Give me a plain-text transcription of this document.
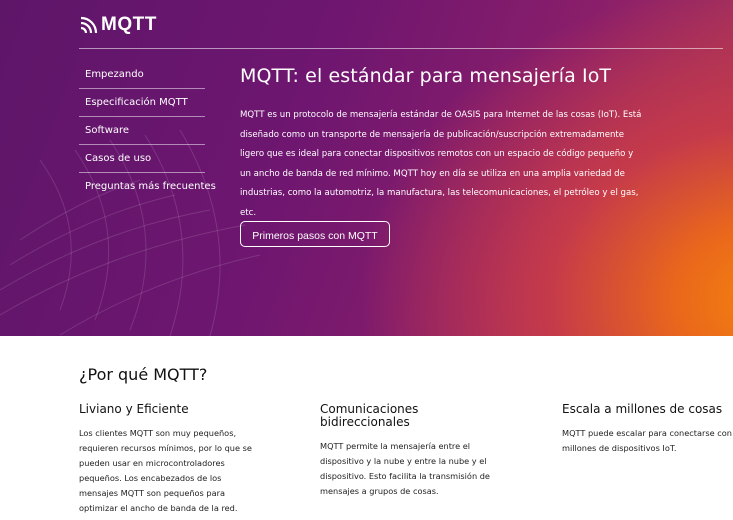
MQTT
Empezando
Especificación MQTT
Software
Casos de uso
Preguntas más frecuentes
MQTT: el estándar para mensajería IoT

MQTT es un protocolo de mensajería estándar de OASIS para Internet de las cosas (IoT). Está diseñado como un transporte de mensajería de publicación/suscripción extremadamente ligero que es ideal para conectar dispositivos remotos con un espacio de código pequeño y un ancho de banda de red mínimo. MQTT hoy en día se utiliza en una amplia variedad de industrias, como la automotriz, la manufactura, las telecomunicaciones, el petróleo y el gas, etc.

Primeros pasos con MQTT
¿Por qué MQTT?
Liviano y Eficiente

Los clientes MQTT son muy pequeños, requieren recursos mínimos, por lo que se pueden usar en microcontroladores pequeños. Los encabezados de los mensajes MQTT son pequeños para optimizar el ancho de banda de la red.

Comunicaciones bidireccionales

MQTT permite la mensajería entre el dispositivo y la nube y entre la nube y el dispositivo. Esto facilita la transmisión de mensajes a grupos de cosas.

Escala a millones de cosas

MQTT puede escalar para conectarse con millones de dispositivos IoT.
